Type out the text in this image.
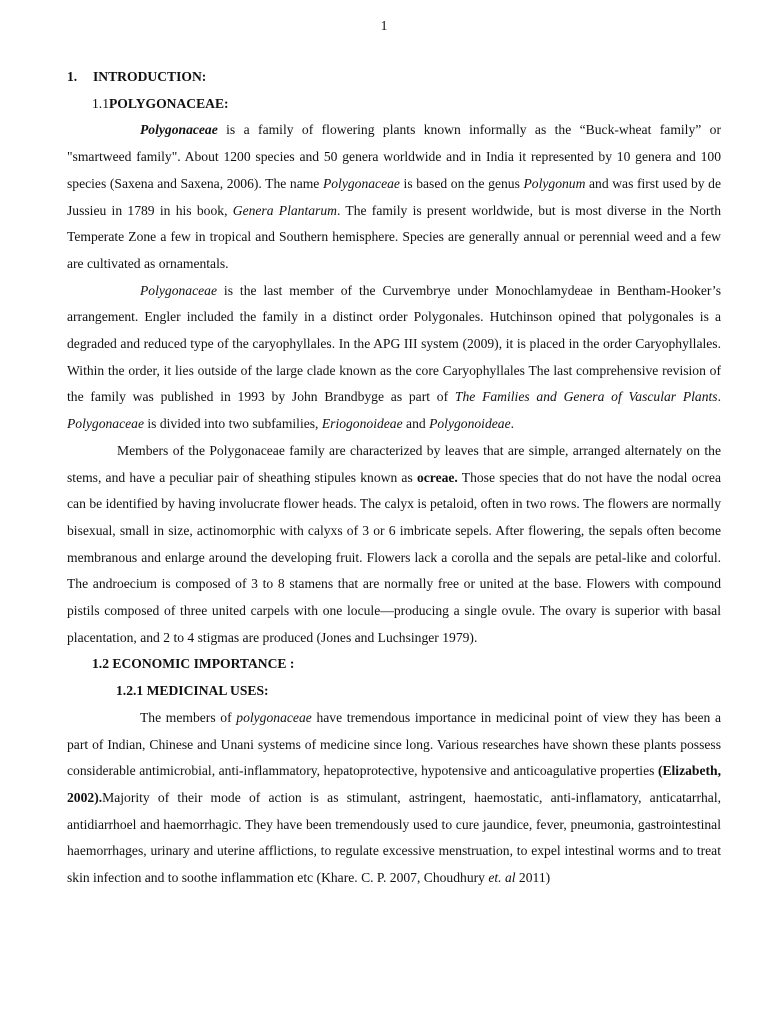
1

1. INTRODUCTION:

1.1POLYGONACEAE:

Polygonaceae is a family of flowering plants known informally as the “Buck-wheat family” or "smartweed family". About 1200 species and 50 genera worldwide and in India it represented by 10 genera and 100 species (Saxena and Saxena, 2006). The name Polygonaceae is based on the genus Polygonum and was first used by de Jussieu in 1789 in his book, Genera Plantarum. The family is present worldwide, but is most diverse in the North Temperate Zone a few in tropical and Southern hemisphere. Species are generally annual or perennial weed and a few are cultivated as ornamentals.

Polygonaceae is the last member of the Curvembrye under Monochlamydeae in Bentham-Hooker’s arrangement. Engler included the family in a distinct order Polygonales. Hutchinson opined that polygonales is a degraded and reduced type of the caryophyllales. In the APG III system (2009), it is placed in the order Caryophyllales. Within the order, it lies outside of the large clade known as the core Caryophyllales The last comprehensive revision of the family was published in 1993 by John Brandbyge as part of The Families and Genera of Vascular Plants. Polygonaceae is divided into two subfamilies, Eriogonoideae and Polygonoideae.

Members of the Polygonaceae family are characterized by leaves that are simple, arranged alternately on the stems, and have a peculiar pair of sheathing stipules known as ocreae. Those species that do not have the nodal ocrea can be identified by having involucrate flower heads. The calyx is petaloid, often in two rows. The flowers are normally bisexual, small in size, actinomorphic with calyxs of 3 or 6 imbricate sepels. After flowering, the sepals often become membranous and enlarge around the developing fruit. Flowers lack a corolla and the sepals are petal-like and colorful. The androecium is composed of 3 to 8 stamens that are normally free or united at the base. Flowers with compound pistils composed of three united carpels with one locule—producing a single ovule. The ovary is superior with basal placentation, and 2 to 4 stigmas are produced (Jones and Luchsinger 1979).

1.2 ECONOMIC IMPORTANCE :

1.2.1 MEDICINAL USES:

The members of polygonaceae have tremendous importance in medicinal point of view they has been a part of Indian, Chinese and Unani systems of medicine since long. Various researches have shown these plants possess considerable antimicrobial, anti-inflammatory, hepatoprotective, hypotensive and anticoagulative properties (Elizabeth, 2002).Majority of their mode of action is as stimulant, astringent, haemostatic, anti-inflamatory, anticatarrhal, antidiarrhoel and haemorrhagic. They have been tremendously used to cure jaundice, fever, pneumonia, gastrointestinal haemorrhages, urinary and uterine afflictions, to regulate excessive menstruation, to expel intestinal worms and to treat skin infection and to soothe inflammation etc (Khare. C. P. 2007, Choudhury et. al 2011)
